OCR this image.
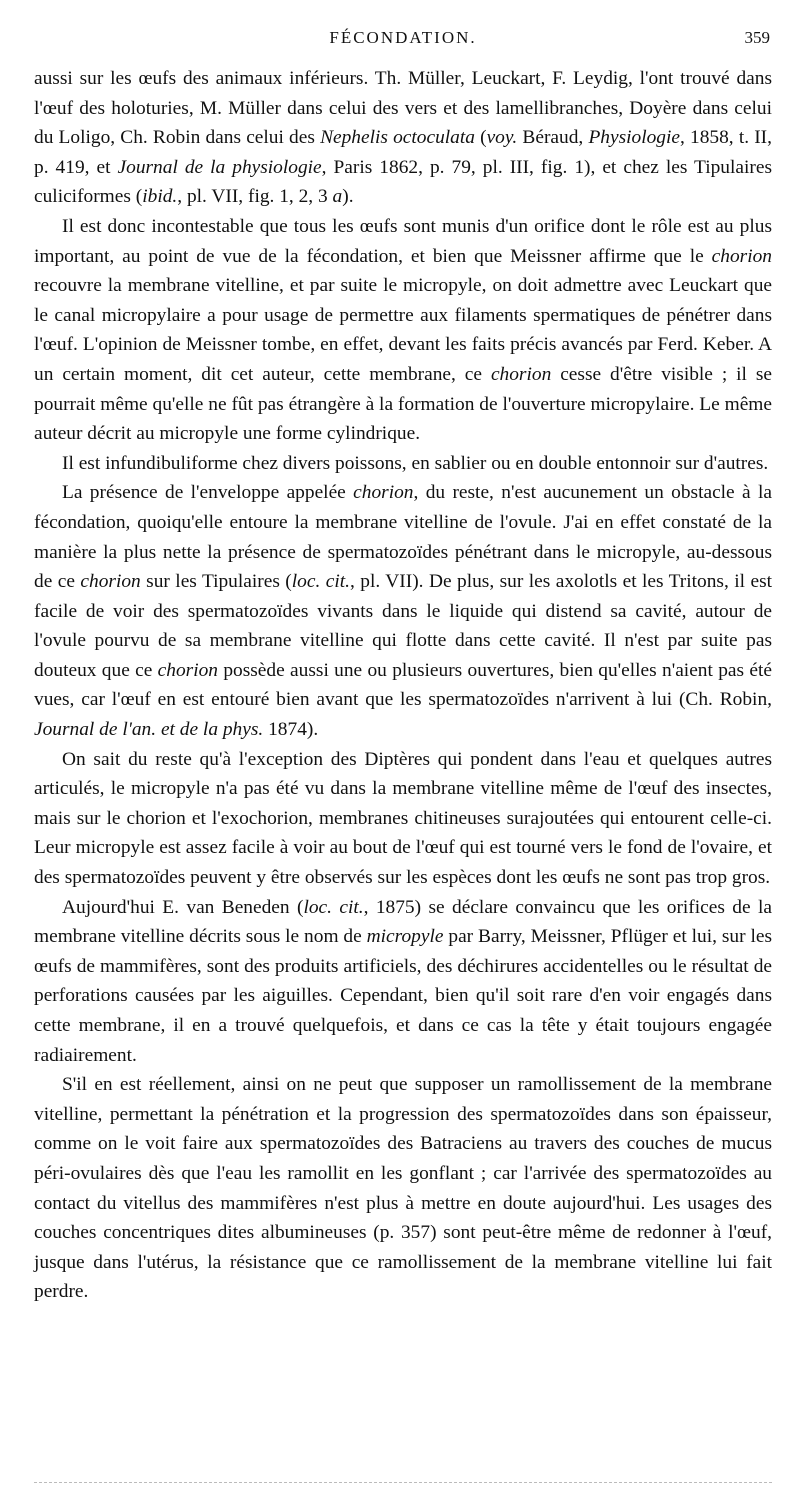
FÉCONDATION.	359

aussi sur les œufs des animaux inférieurs. Th. Müller, Leuckart, F. Leydig, l'ont trouvé dans l'œuf des holoturies, M. Müller dans celui des vers et des lamellibranches, Doyère dans celui du Loligo, Ch. Robin dans celui des Nephelis octoculata (voy. Béraud, Physiologie, 1858, t. II, p. 419, et Journal de la physiologie, Paris 1862, p. 79, pl. III, fig. 1), et chez les Tipulaires culiciformes (ibid., pl. VII, fig. 1, 2, 3 a).

Il est donc incontestable que tous les œufs sont munis d'un orifice dont le rôle est au plus important, au point de vue de la fécondation, et bien que Meissner affirme que le chorion recouvre la membrane vitelline, et par suite le micropyle, on doit admettre avec Leuckart que le canal micropylaire a pour usage de permettre aux filaments spermatiques de pénétrer dans l'œuf. L'opinion de Meissner tombe, en effet, devant les faits précis avancés par Ferd. Keber. A un certain moment, dit cet auteur, cette membrane, ce chorion cesse d'être visible ; il se pourrait même qu'elle ne fût pas étrangère à la formation de l'ouverture micropylaire. Le même auteur décrit au micropyle une forme cylindrique.

Il est infundibuliforme chez divers poissons, en sablier ou en double entonnoir sur d'autres.

La présence de l'enveloppe appelée chorion, du reste, n'est aucunement un obstacle à la fécondation, quoiqu'elle entoure la membrane vitelline de l'ovule. J'ai en effet constaté de la manière la plus nette la présence de spermatozoïdes pénétrant dans le micropyle, au-dessous de ce chorion sur les Tipulaires (loc. cit., pl. VII). De plus, sur les axolotls et les Tritons, il est facile de voir des spermatozoïdes vivants dans le liquide qui distend sa cavité, autour de l'ovule pourvu de sa membrane vitelline qui flotte dans cette cavité. Il n'est par suite pas douteux que ce chorion possède aussi une ou plusieurs ouvertures, bien qu'elles n'aient pas été vues, car l'œuf en est entouré bien avant que les spermatozoïdes n'arrivent à lui (Ch. Robin, Journal de l'an. et de la phys. 1874).

On sait du reste qu'à l'exception des Diptères qui pondent dans l'eau et quelques autres articulés, le micropyle n'a pas été vu dans la membrane vitelline même de l'œuf des insectes, mais sur le chorion et l'exochorion, membranes chitineuses surajoutées qui entourent celle-ci. Leur micropyle est assez facile à voir au bout de l'œuf qui est tourné vers le fond de l'ovaire, et des spermatozoïdes peuvent y être observés sur les espèces dont les œufs ne sont pas trop gros.

Aujourd'hui E. van Beneden (loc. cit., 1875) se déclare convaincu que les orifices de la membrane vitelline décrits sous le nom de micropyle par Barry, Meissner, Pflüger et lui, sur les œufs de mammifères, sont des produits artificiels, des déchirures accidentelles ou le résultat de perforations causées par les aiguilles. Cependant, bien qu'il soit rare d'en voir engagés dans cette membrane, il en a trouvé quelquefois, et dans ce cas la tête y était toujours engagée radiairement.

S'il en est réellement, ainsi on ne peut que supposer un ramollissement de la membrane vitelline, permettant la pénétration et la progression des spermatozoïdes dans son épaisseur, comme on le voit faire aux spermatozoïdes des Batraciens au travers des couches de mucus péri-ovulaires dès que l'eau les ramollit en les gonflant ; car l'arrivée des spermatozoïdes au contact du vitellus des mammifères n'est plus à mettre en doute aujourd'hui. Les usages des couches concentriques dites albumineuses (p. 357) sont peut-être même de redonner à l'œuf, jusque dans l'utérus, la résistance que ce ramollissement de la membrane vitelline lui fait perdre.
